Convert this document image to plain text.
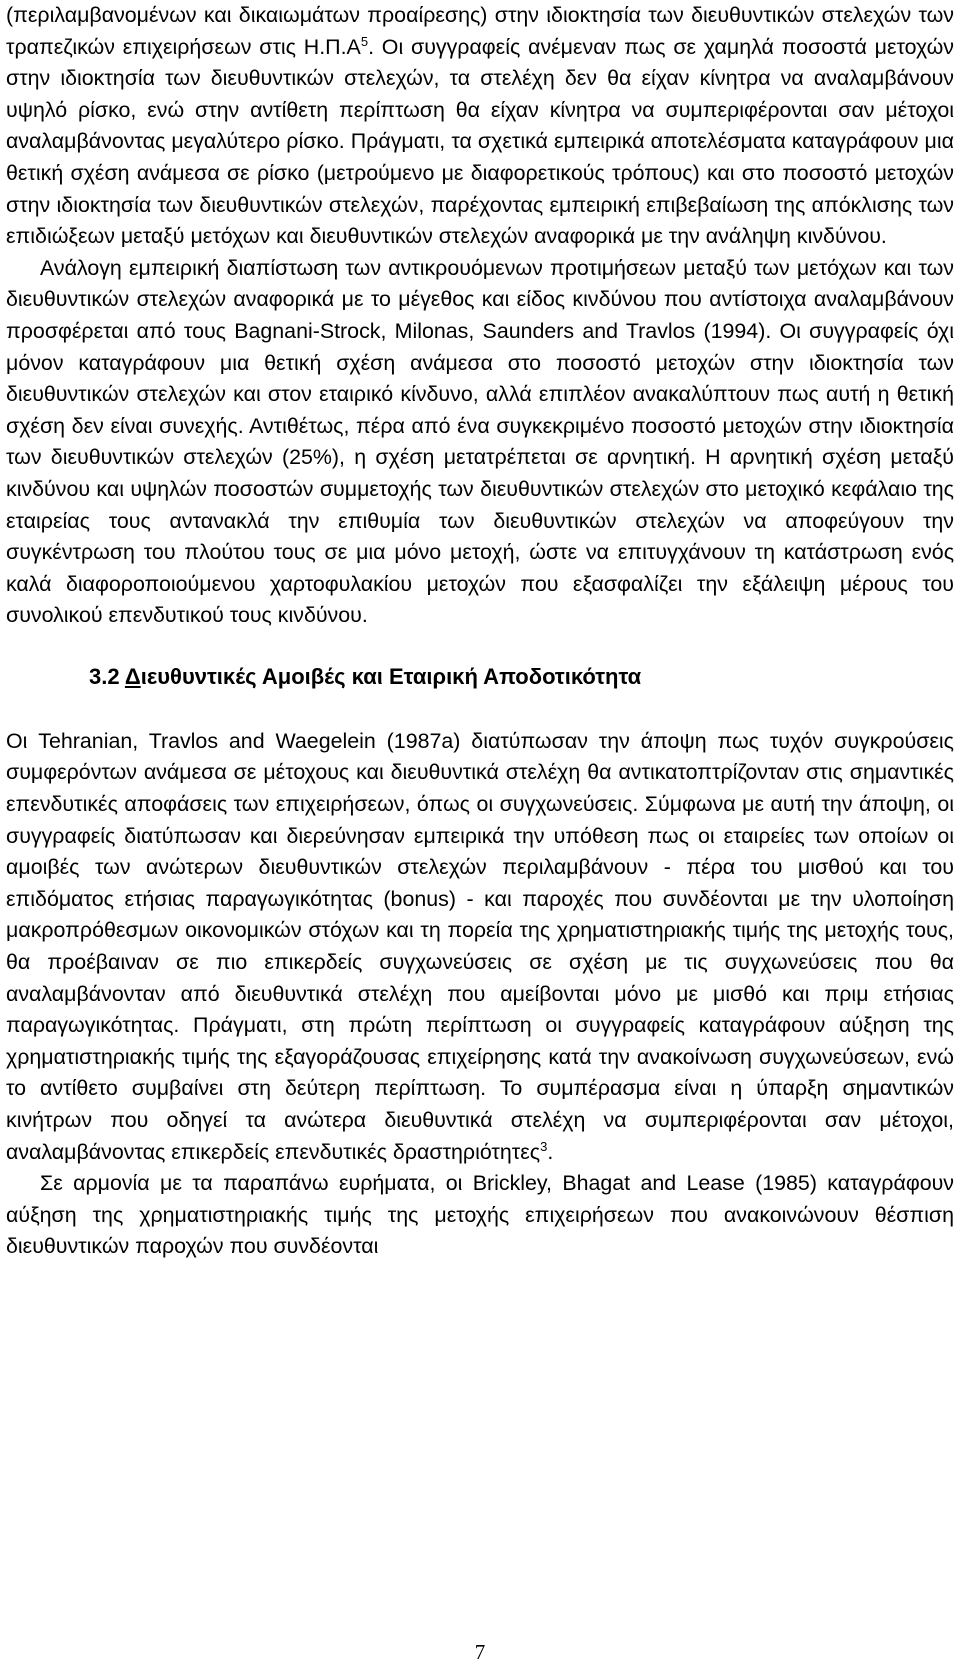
(περιλαμβανομένων και δικαιωμάτων προαίρεσης) στην ιδιοκτησία των διευθυντικών στελεχών των τραπεζικών επιχειρήσεων στις $H.\Pi.A^5$. Οι συγγραφείς ανέμεναν πως σε χαμηλά ποσοστά μετοχών στην ιδιοκτησία των διευθυντικών στελεχών, τα στελέχη δεν θα είχαν κίνητρα να αναλαμβάνουν υψηλό ρίσκο, ενώ στην αντίθετη περίπτωση θα είχαν κίνητρα να συμπεριφέρονται σαν μέτοχοι αναλαμβάνοντας μεγαλύτερο ρίσκο. Πράγματι, τα σχετικά εμπειρικά αποτελέσματα καταγράφουν μια θετική σχέση ανάμεσα σε ρίσκο (μετρούμενο με διαφορετικούς τρόπους) και στο ποσοστό μετοχών στην ιδιοκτησία των διευθυντικών στελεχών, παρέχοντας εμπειρική επιβεβαίωση της απόκλισης των επιδιώξεων μεταξύ μετόχων και διευθυντικών στελεχών αναφορικά με την ανάληψη κινδύνου.

Ανάλογη εμπειρική διαπίστωση των αντικρουόμενων προτιμήσεων μεταξύ των μετόχων και των διευθυντικών στελεχών αναφορικά με το μέγεθος και είδος κινδύνου που αντίστοιχα αναλαμβάνουν προσφέρεται από τους Bagnani-Strock, Milonas, Saunders and Travlos (1994). Οι συγγραφείς όχι μόνον καταγράφουν μια θετική σχέση ανάμεσα στο ποσοστό μετοχών στην ιδιοκτησία των διευθυντικών στελεχών και στον εταιρικό κίνδυνο, αλλά επιπλέον ανακαλύπτουν πως αυτή η θετική σχέση δεν είναι συνεχής. Αντιθέτως, πέρα από ένα συγκεκριμένο ποσοστό μετοχών στην ιδιοκτησία των διευθυντικών στελεχών (25%), η σχέση μετατρέπεται σε αρνητική. Η αρνητική σχέση μεταξύ κινδύνου και υψηλών ποσοστών συμμετοχής των διευθυντικών στελεχών στο μετοχικό κεφάλαιο της εταιρείας τους αντανακλά την επιθυμία των διευθυντικών στελεχών να αποφεύγουν την συγκέντρωση του πλούτου τους σε μια μόνο μετοχή, ώστε να επιτυγχάνουν τη κατάστρωση ενός καλά διαφοροποιούμενου χαρτοφυλακίου μετοχών που εξασφαλίζει την εξάλειψη μέρους του συνολικού επενδυτικού τους κινδύνου.

3.2 Διευθυντικές Αμοιβές και Εταιρική Αποδοτικότητα

Οι Tehranian, Travlos and Waegelein (1987a) διατύπωσαν την άποψη πως τυχόν συγκρούσεις συμφερόντων ανάμεσα σε μέτοχους και διευθυντικά στελέχη θα αντικατοπτρίζονταν στις σημαντικές επενδυτικές αποφάσεις των επιχειρήσεων, όπως οι συγχωνεύσεις. Σύμφωνα με αυτή την άποψη, οι συγγραφείς διατύπωσαν και διερεύνησαν εμπειρικά την υπόθεση πως οι εταιρείες των οποίων οι αμοιβές των ανώτερων διευθυντικών στελεχών περιλαμβάνουν - πέρα του μισθού και του επιδόματος ετήσιας παραγωγικότητας (bonus) - και παροχές που συνδέονται με την υλοποίηση μακροπρόθεσμων οικονομικών στόχων και τη πορεία της χρηματιστηριακής τιμής της μετοχής τους, θα προέβαιναν σε πιο επικερδείς συγχωνεύσεις σε σχέση με τις συγχωνεύσεις που θα αναλαμβάνονταν από διευθυντικά στελέχη που αμείβονται μόνο με μισθό και πριμ ετήσιας παραγωγικότητας. Πράγματι, στη πρώτη περίπτωση οι συγγραφείς καταγράφουν αύξηση της χρηματιστηριακής τιμής της εξαγοράζουσας επιχείρησης κατά την ανακοίνωση συγχωνεύσεων, ενώ το αντίθετο συμβαίνει στη δεύτερη περίπτωση. Το συμπέρασμα είναι η ύπαρξη σημαντικών κινήτρων που οδηγεί τα ανώτερα διευθυντικά στελέχη να συμπεριφέρονται σαν μέτοχοι, αναλαμβάνοντας επικερδείς επενδυτικές δραστηριότητες$^3$.

Σε αρμονία με τα παραπάνω ευρήματα, οι Brickley, Bhagat and Lease (1985) καταγράφουν αύξηση της χρηματιστηριακής τιμής της μετοχής επιχειρήσεων που ανακοινώνουν θέσπιση διευθυντικών παροχών που συνδέονται

7
